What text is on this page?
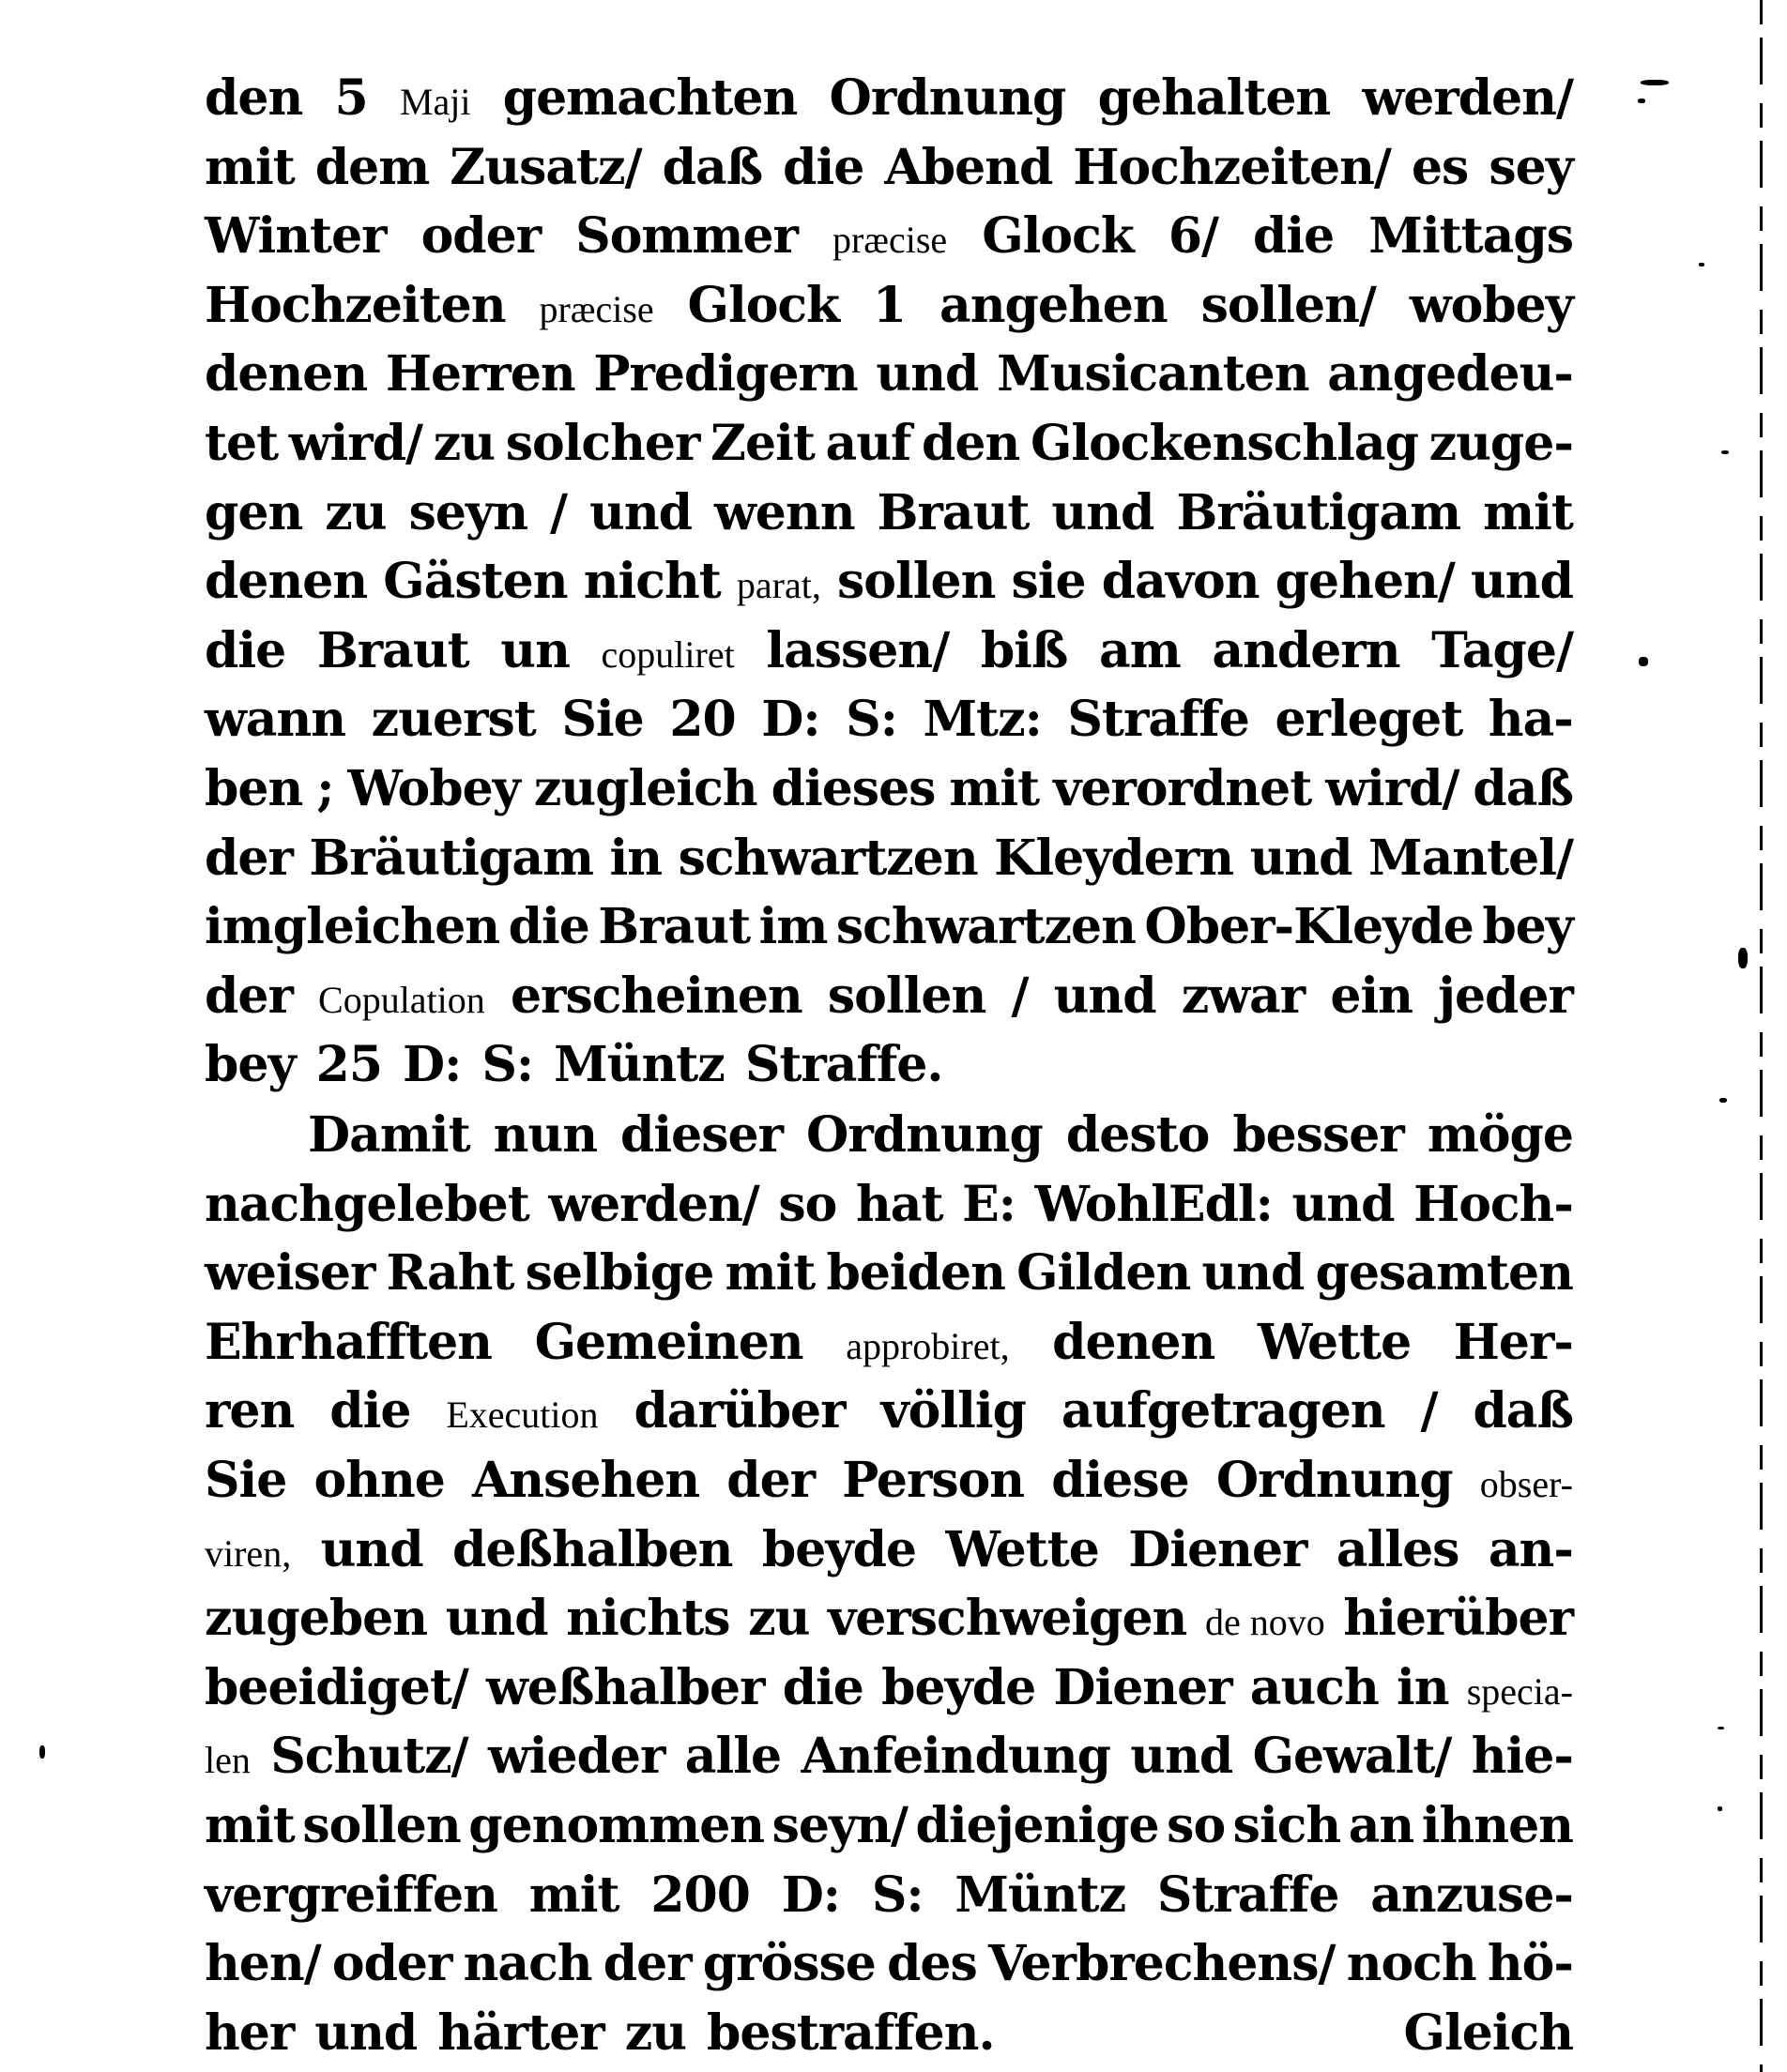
den 5 Maji gemachten Ordnung gehalten werden/
mit dem Zusatz/ daß die Abend Hochzeiten/ es sey
Winter oder Sommer præcise Glock 6/ die Mittags
Hochzeiten præcise Glock 1 angehen sollen/ wobey
denen Herren Predigern und Musicanten angedeu-
tet wird/ zu solcher Zeit auf den Glockenschlag zuge-
gen zu seyn / und wenn Braut und Bräutigam mit
denen Gästen nicht parat, sollen sie davon gehen/ und
die Braut un copuliret lassen/ biß am andern Tage/
wann zuerst Sie 20 D: S: Mtz: Straffe erleget ha-
ben ; Wobey zugleich dieses mit verordnet wird/ daß
der Bräutigam in schwartzen Kleydern und Mantel/
imgleichen die Braut im schwartzen Ober-Kleyde bey
der Copulation erscheinen sollen / und zwar ein jeder
bey 25 D: S: Müntz Straffe.
Damit nun dieser Ordnung desto besser möge
nachgelebet werden/ so hat E: WohlEdl: und Hoch-
weiser Raht selbige mit beiden Gilden und gesamten
Ehrhafften Gemeinen approbiret, denen Wette Her-
ren die Execution darüber völlig aufgetragen / daß
Sie ohne Ansehen der Person diese Ordnung obser-
viren, und deßhalben beyde Wette Diener alles an-
zugeben und nichts zu verschweigen de novo hierüber
beeidiget/ weßhalber die beyde Diener auch in specia-
len Schutz/ wieder alle Anfeindung und Gewalt/ hie-
mit sollen genommen seyn/ diejenige so sich an ihnen
vergreiffen mit 200 D: S: Müntz Straffe anzuse-
hen/ oder nach der grösse des Verbrechens/ noch hö-
her und härter zu bestraffen.	Gleich
